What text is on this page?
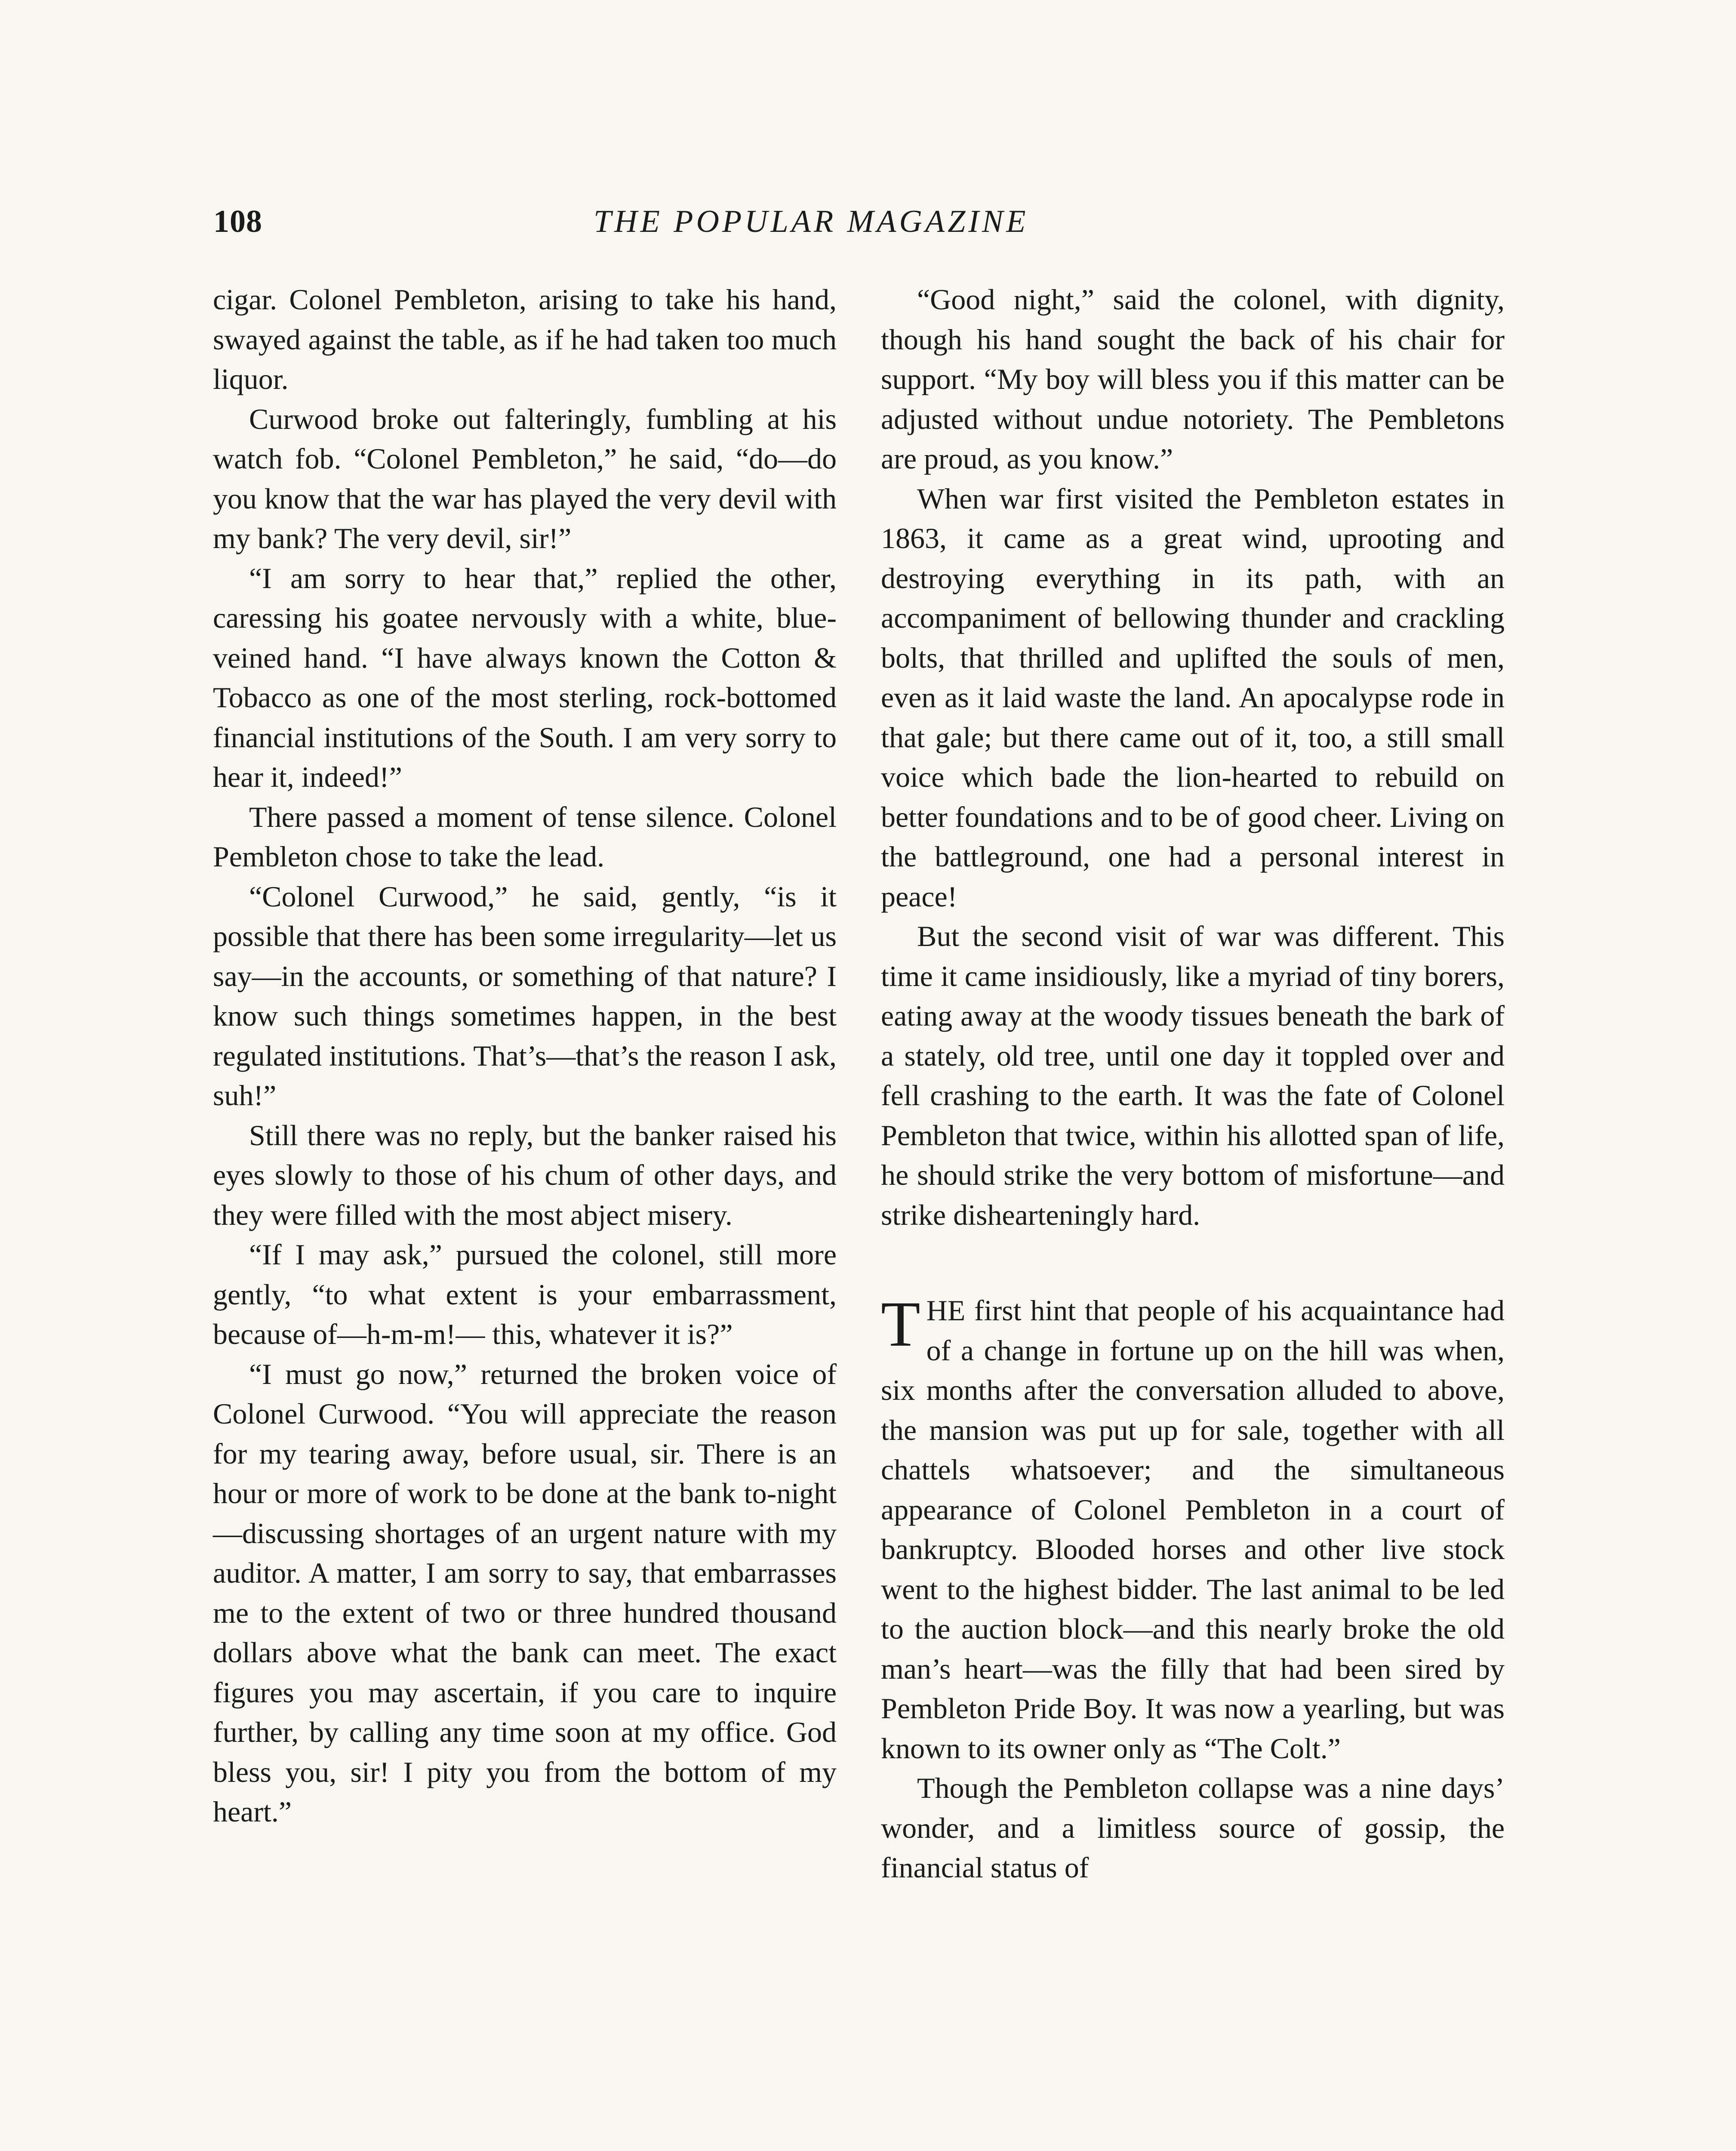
108	THE POPULAR MAGAZINE

cigar. Colonel Pembleton, arising to take his hand, swayed against the table, as if he had taken too much liquor.

Curwood broke out falteringly, fumbling at his watch fob. “Colonel Pembleton,” he said, “do—do you know that the war has played the very devil with my bank? The very devil, sir!”

“I am sorry to hear that,” replied the other, caressing his goatee nervously with a white, blue-veined hand. “I have always known the Cotton & Tobacco as one of the most sterling, rock-bottomed financial institutions of the South. I am very sorry to hear it, indeed!”

There passed a moment of tense silence. Colonel Pembleton chose to take the lead.

“Colonel Curwood,” he said, gently, “is it possible that there has been some irregularity—let us say—in the accounts, or something of that nature? I know such things sometimes happen, in the best regulated institutions. That’s—that’s the reason I ask, suh!”

Still there was no reply, but the banker raised his eyes slowly to those of his chum of other days, and they were filled with the most abject misery.

“If I may ask,” pursued the colonel, still more gently, “to what extent is your embarrassment, because of—h-m-m!— this, whatever it is?”

“I must go now,” returned the broken voice of Colonel Curwood. “You will appreciate the reason for my tearing away, before usual, sir. There is an hour or more of work to be done at the bank to-night—discussing shortages of an urgent nature with my auditor. A matter, I am sorry to say, that embarrasses me to the extent of two or three hundred thousand dollars above what the bank can meet. The exact figures you may ascertain, if you care to inquire further, by calling any time soon at my office. God bless you, sir! I pity you from the bottom of my heart.”

“Good night,” said the colonel, with dignity, though his hand sought the back of his chair for support. “My boy will bless you if this matter can be adjusted without undue notoriety. The Pembletons are proud, as you know.”

When war first visited the Pembleton estates in 1863, it came as a great wind, uprooting and destroying everything in its path, with an accompaniment of bellowing thunder and crackling bolts, that thrilled and uplifted the souls of men, even as it laid waste the land. An apocalypse rode in that gale; but there came out of it, too, a still small voice which bade the lion-hearted to rebuild on better foundations and to be of good cheer. Living on the battleground, one had a personal interest in peace!

But the second visit of war was different. This time it came insidiously, like a myriad of tiny borers, eating away at the woody tissues beneath the bark of a stately, old tree, until one day it toppled over and fell crashing to the earth. It was the fate of Colonel Pembleton that twice, within his allotted span of life, he should strike the very bottom of misfortune—and strike dishearteningly hard.

THE first hint that people of his acquaintance had of a change in fortune up on the hill was when, six months after the conversation alluded to above, the mansion was put up for sale, together with all chattels whatsoever; and the simultaneous appearance of Colonel Pembleton in a court of bankruptcy. Blooded horses and other live stock went to the highest bidder. The last animal to be led to the auction block—and this nearly broke the old man’s heart—was the filly that had been sired by Pembleton Pride Boy. It was now a yearling, but was known to its owner only as “The Colt.”

Though the Pembleton collapse was a nine days’ wonder, and a limitless source of gossip, the financial status of
